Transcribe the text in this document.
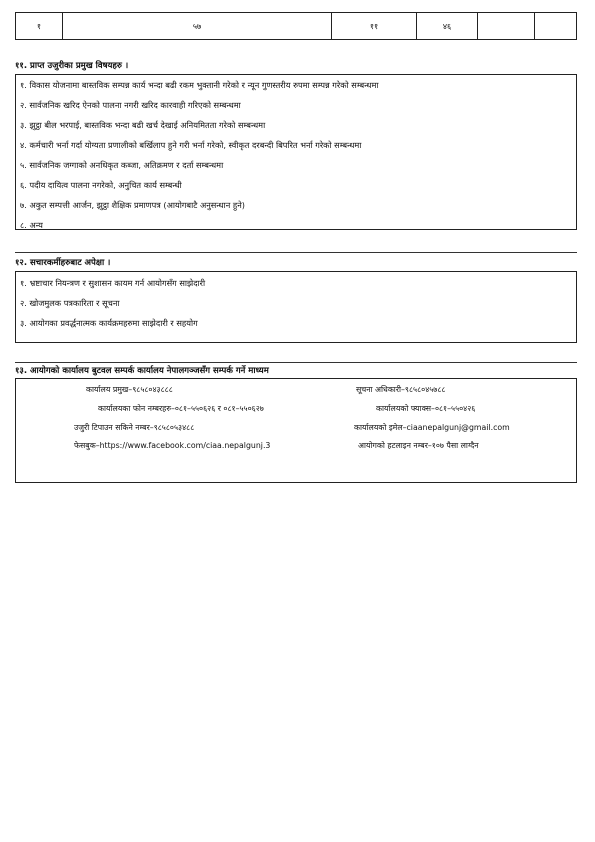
१	५७	११	४६		
११. प्राप्त उजुरीका प्रमुख विषयहरु ।
१. विकास योजनामा बास्तविक सम्पन्न कार्य भन्दा बढी रकम भुक्तानी गरेको र न्यून गुणस्तरीय रुपमा सम्पन्न गरेको सम्बन्धमा
२. सार्वजनिक खरिद ऐनको पालना नगरी खरिद कारवाही गरिएको सम्बन्धमा
३. झुट्ठा बील भरपाई, बास्तविक भन्दा बढी खर्च देखाई अनियमितता गरेको सम्बन्धमा
४. कर्मचारी भर्ना गर्दा योग्यता प्रणालीको बर्खिलाप हुने गरी भर्ना गरेको, स्वीकृत दरबन्दी बिपरित भर्ना गरेको सम्बन्धमा
५. सार्वजनिक जग्गाको अनधिकृत कब्जा, अतिक्रमण र दर्ता सम्बन्धमा
६. पदीय दायित्व पालना नगरेको, अनुचित कार्य सम्बन्धी
७. अकुत सम्पत्ती आर्जन, झुट्ठा शैक्षिक प्रमाणपत्र (आयोगबाटै अनुसन्धान हुने)
८. अन्य
१२. सचारकर्मीहरुबाट अपेक्षा ।
१. भ्रष्टाचार नियन्त्रण र सुशासन कायम गर्न आयोगसँग साझेदारी
२. खोजमुलक पत्रकारिता र सूचना
३. आयोगका प्रवर्द्धनात्मक कार्यक्रमहरुमा साझेदारी र सहयोग
१३. आयोगको कार्यालय बुटवल सम्पर्क कार्यालय नेपालगञ्जसँग सम्पर्क गर्ने माध्यम
कार्यालय प्रमुख–९८५८०४३८८८	सूचना अधिकारी–९८५८०४५७८८
कार्यालयका फोन नम्बरहरु–०८१–५५०६२६ र ०८१–५५०६२७	कार्यालयको फ्याक्स–०८१–५५०४२६
उजुरी टिपाउन सकिने नम्बर–९८५८०५३४८८	कार्यालयको इमेल–ciaanepalgunj@gmail.com
फेसबुक–https://www.facebook.com/ciaa.nepalgunj.3	आयोगको हटलाइन नम्बर–१०७ पैसा लाग्दैन
